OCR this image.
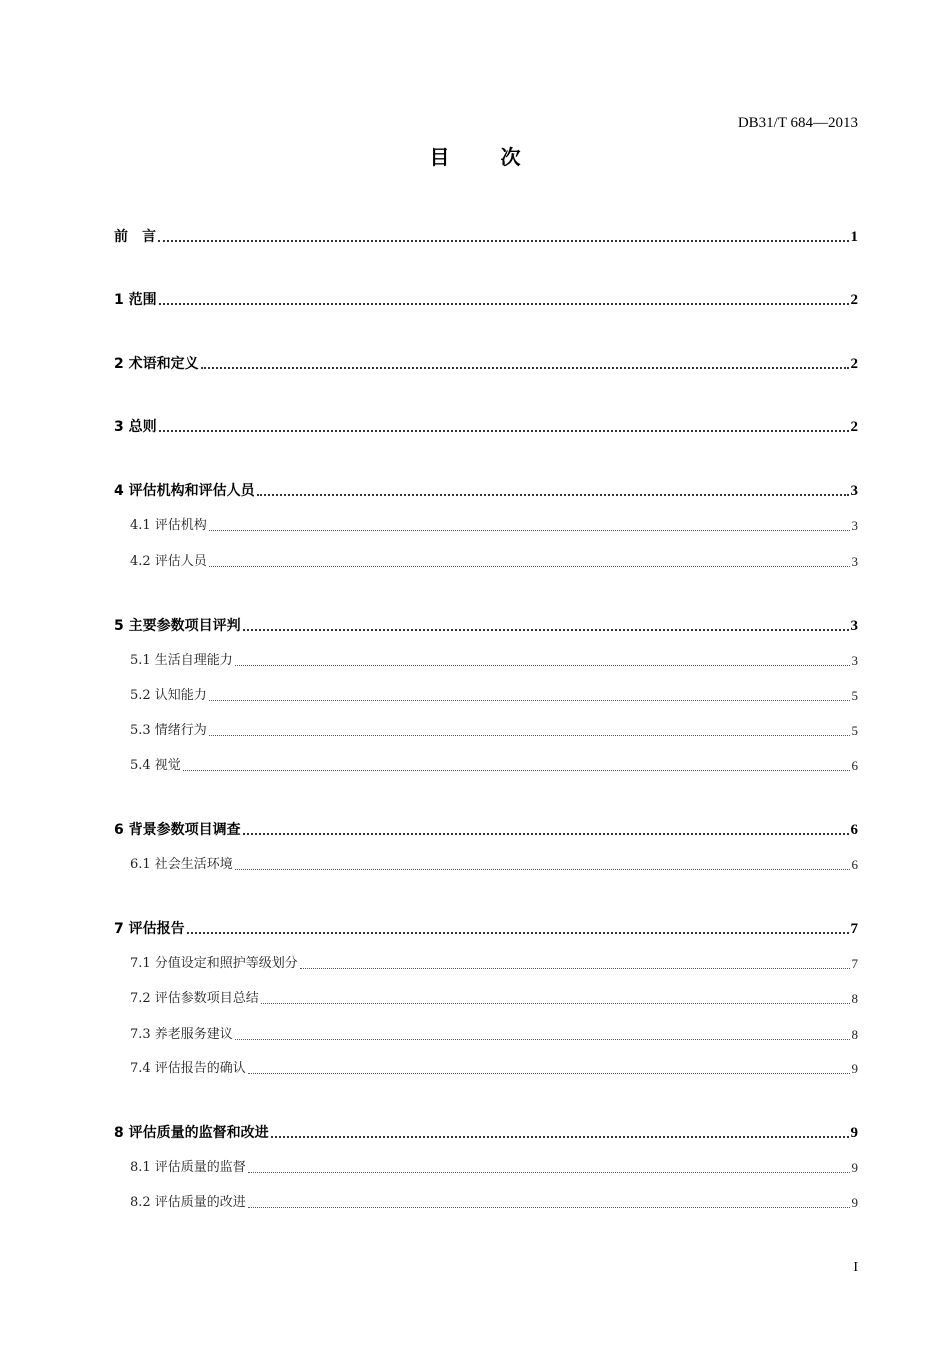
DB31/T 684—2013
目 次
前　言	1
1 范围	2
2 术语和定义	2
3 总则	2
4 评估机构和评估人员	3
4.1 评估机构	3
4.2 评估人员	3
5 主要参数项目评判	3
5.1 生活自理能力	3
5.2 认知能力	5
5.3 情绪行为	5
5.4 视觉	6
6 背景参数项目调查	6
6.1 社会生活环境	6
7 评估报告	7
7.1 分值设定和照护等级划分	7
7.2 评估参数项目总结	8
7.3 养老服务建议	8
7.4 评估报告的确认	9
8 评估质量的监督和改进	9
8.1 评估质量的监督	9
8.2 评估质量的改进	9
I
